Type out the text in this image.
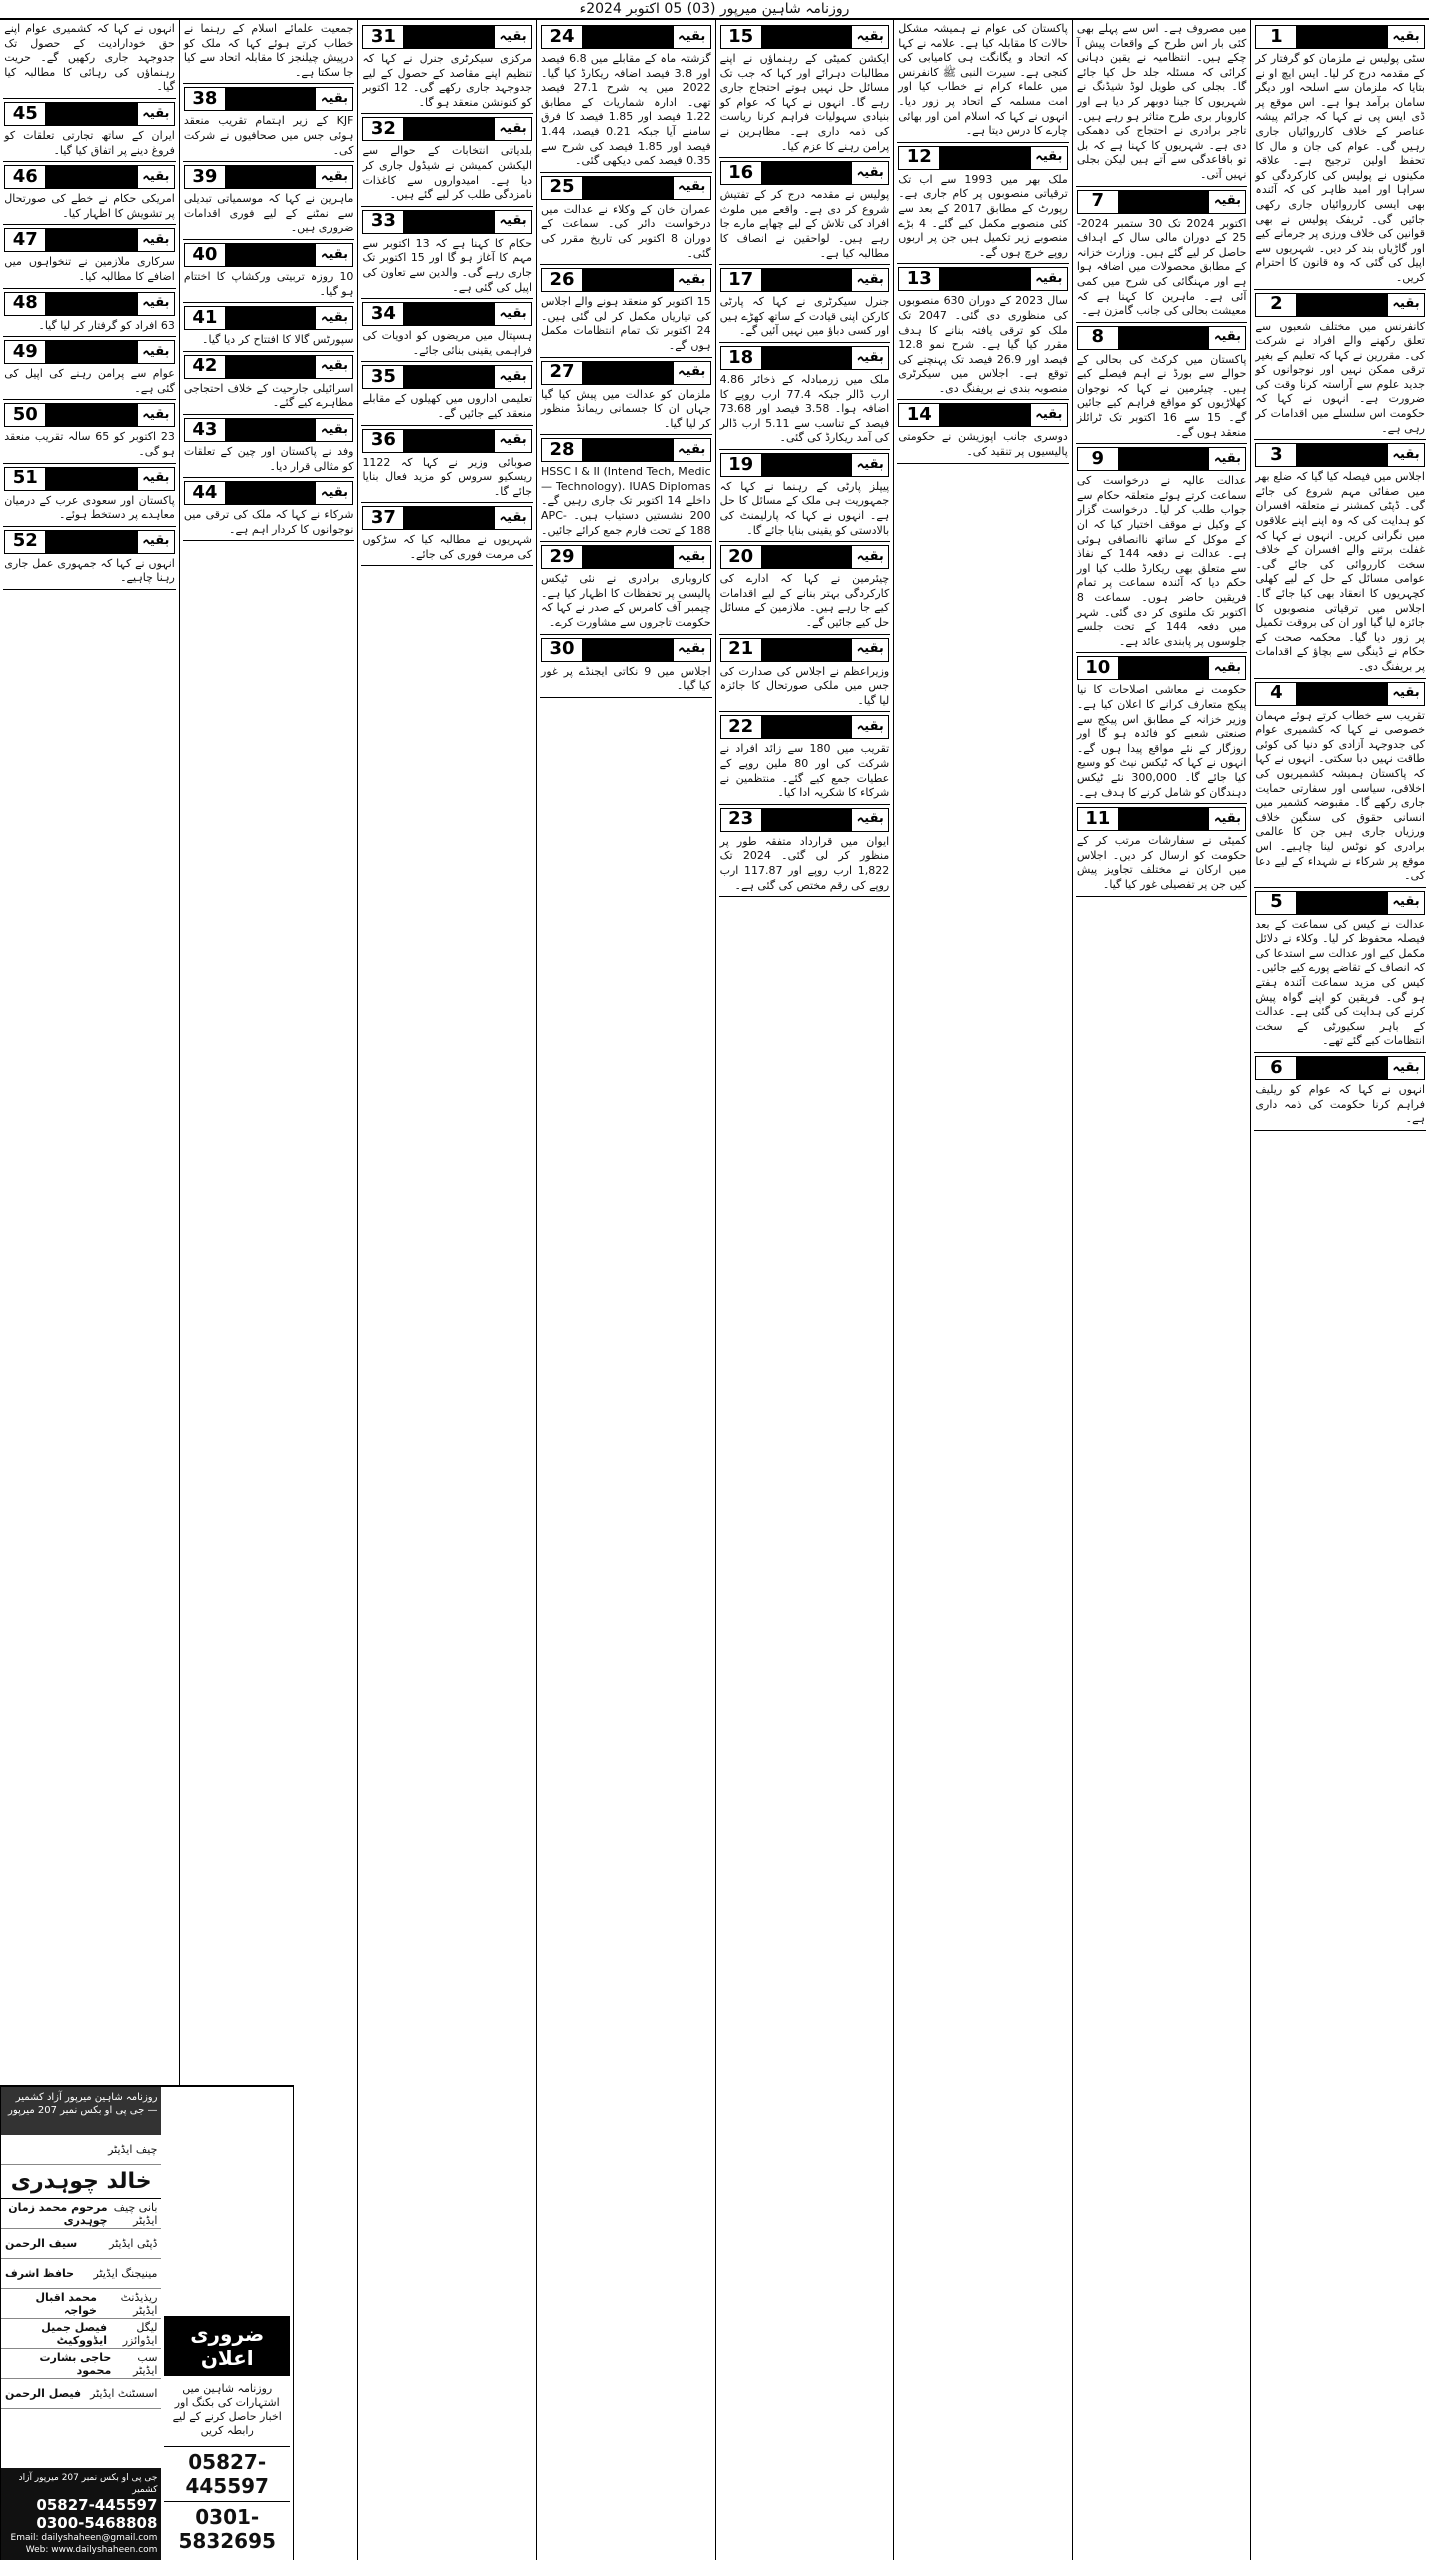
روزنامہ شاہین میرپور (03) 05 اکتوبر 2024ء
1	بقیہ
سٹی پولیس نے ملزمان کو گرفتار کر کے مقدمہ درج کر لیا۔ ایس ایچ او نے بتایا کہ ملزمان سے اسلحہ اور دیگر سامان برآمد ہوا ہے۔ اس موقع پر ڈی ایس پی نے کہا کہ جرائم پیشہ عناصر کے خلاف کارروائیاں جاری رہیں گی۔ عوام کی جان و مال کا تحفظ اولین ترجیح ہے۔ علاقہ مکینوں نے پولیس کی کارکردگی کو سراہا اور امید ظاہر کی کہ آئندہ بھی ایسی کارروائیاں جاری رکھی جائیں گی۔ ٹریفک پولیس نے بھی قوانین کی خلاف ورزی پر جرمانے کیے اور گاڑیاں بند کر دیں۔ شہریوں سے اپیل کی گئی کہ وہ قانون کا احترام کریں۔
2	بقیہ
کانفرنس میں مختلف شعبوں سے تعلق رکھنے والے افراد نے شرکت کی۔ مقررین نے کہا کہ تعلیم کے بغیر ترقی ممکن نہیں اور نوجوانوں کو جدید علوم سے آراستہ کرنا وقت کی ضرورت ہے۔ انہوں نے کہا کہ حکومت اس سلسلے میں اقدامات کر رہی ہے۔
3	بقیہ
اجلاس میں فیصلہ کیا گیا کہ ضلع بھر میں صفائی مہم شروع کی جائے گی۔ ڈپٹی کمشنر نے متعلقہ افسران کو ہدایت کی کہ وہ اپنے اپنے علاقوں میں نگرانی کریں۔ انہوں نے کہا کہ غفلت برتنے والے افسران کے خلاف سخت کارروائی کی جائے گی۔ عوامی مسائل کے حل کے لیے کھلی کچہریوں کا انعقاد بھی کیا جائے گا۔ اجلاس میں ترقیاتی منصوبوں کا جائزہ لیا گیا اور ان کی بروقت تکمیل پر زور دیا گیا۔ محکمہ صحت کے حکام نے ڈینگی سے بچاؤ کے اقدامات پر بریفنگ دی۔
4	بقیہ
تقریب سے خطاب کرتے ہوئے مہمان خصوصی نے کہا کہ کشمیری عوام کی جدوجہد آزادی کو دنیا کی کوئی طاقت نہیں دبا سکتی۔ انہوں نے کہا کہ پاکستان ہمیشہ کشمیریوں کی اخلاقی، سیاسی اور سفارتی حمایت جاری رکھے گا۔ مقبوضہ کشمیر میں انسانی حقوق کی سنگین خلاف ورزیاں جاری ہیں جن کا عالمی برادری کو نوٹس لینا چاہیے۔ اس موقع پر شرکاء نے شہداء کے لیے دعا کی۔
5	بقیہ
عدالت نے کیس کی سماعت کے بعد فیصلہ محفوظ کر لیا۔ وکلاء نے دلائل مکمل کیے اور عدالت سے استدعا کی کہ انصاف کے تقاضے پورے کیے جائیں۔ کیس کی مزید سماعت آئندہ ہفتے ہو گی۔ فریقین کو اپنے گواہ پیش کرنے کی ہدایت کی گئی ہے۔ عدالت کے باہر سکیورٹی کے سخت انتظامات کیے گئے تھے۔
6	بقیہ
انہوں نے کہا کہ عوام کو ریلیف فراہم کرنا حکومت کی ذمہ داری ہے۔
میں مصروف ہے۔ اس سے پہلے بھی کئی بار اس طرح کے واقعات پیش آ چکے ہیں۔ انتظامیہ نے یقین دہانی کرائی کہ مسئلہ جلد حل کیا جائے گا۔ بجلی کی طویل لوڈ شیڈنگ نے شہریوں کا جینا دوبھر کر دیا ہے اور کاروبار بری طرح متاثر ہو رہے ہیں۔ تاجر برادری نے احتجاج کی دھمکی دی ہے۔ شہریوں کا کہنا ہے کہ بل تو باقاعدگی سے آتے ہیں لیکن بجلی نہیں آتی۔
7	بقیہ
اکتوبر 2024 تک 30 ستمبر 2024-25 کے دوران مالی سال کے اہداف حاصل کر لیے گئے ہیں۔ وزارت خزانہ کے مطابق محصولات میں اضافہ ہوا ہے اور مہنگائی کی شرح میں کمی آئی ہے۔ ماہرین کا کہنا ہے کہ معیشت بحالی کی جانب گامزن ہے۔
8	بقیہ
پاکستان میں کرکٹ کی بحالی کے حوالے سے بورڈ نے اہم فیصلے کیے ہیں۔ چیئرمین نے کہا کہ نوجوان کھلاڑیوں کو مواقع فراہم کیے جائیں گے۔ 15 سے 16 اکتوبر تک ٹرائلز منعقد ہوں گے۔
9	بقیہ
عدالت عالیہ نے درخواست کی سماعت کرتے ہوئے متعلقہ حکام سے جواب طلب کر لیا۔ درخواست گزار کے وکیل نے موقف اختیار کیا کہ ان کے موکل کے ساتھ ناانصافی ہوئی ہے۔ عدالت نے دفعہ 144 کے نفاذ سے متعلق بھی ریکارڈ طلب کیا اور حکم دیا کہ آئندہ سماعت پر تمام فریقین حاضر ہوں۔ سماعت 8 اکتوبر تک ملتوی کر دی گئی۔ شہر میں دفعہ 144 کے تحت جلسے جلوسوں پر پابندی عائد ہے۔
10	بقیہ
حکومت نے معاشی اصلاحات کا نیا پیکج متعارف کرانے کا اعلان کیا ہے۔ وزیر خزانہ کے مطابق اس پیکج سے صنعتی شعبے کو فائدہ ہو گا اور روزگار کے نئے مواقع پیدا ہوں گے۔ انہوں نے کہا کہ ٹیکس نیٹ کو وسیع کیا جائے گا۔ 300,000 نئے ٹیکس دہندگان کو شامل کرنے کا ہدف ہے۔
11	بقیہ
کمیٹی نے سفارشات مرتب کر کے حکومت کو ارسال کر دیں۔ اجلاس میں ارکان نے مختلف تجاویز پیش کیں جن پر تفصیلی غور کیا گیا۔
پاکستان کی عوام نے ہمیشہ مشکل حالات کا مقابلہ کیا ہے۔ علامہ نے کہا کہ اتحاد و یگانگت ہی کامیابی کی کنجی ہے۔ سیرت النبی ﷺ کانفرنس میں علماء کرام نے خطاب کیا اور امت مسلمہ کے اتحاد پر زور دیا۔ انہوں نے کہا کہ اسلام امن اور بھائی چارے کا درس دیتا ہے۔
12	بقیہ
ملک بھر میں 1993 سے اب تک ترقیاتی منصوبوں پر کام جاری ہے۔ رپورٹ کے مطابق 2017 کے بعد سے کئی منصوبے مکمل کیے گئے۔ 4 بڑے منصوبے زیر تکمیل ہیں جن پر اربوں روپے خرچ ہوں گے۔
13	بقیہ
سال 2023 کے دوران 630 منصوبوں کی منظوری دی گئی۔ 2047 تک ملک کو ترقی یافتہ بنانے کا ہدف مقرر کیا گیا ہے۔ شرح نمو 12.8 فیصد اور 26.9 فیصد تک پہنچنے کی توقع ہے۔ اجلاس میں سیکرٹری منصوبہ بندی نے بریفنگ دی۔
14	بقیہ
دوسری جانب اپوزیشن نے حکومتی پالیسیوں پر تنقید کی۔
15	بقیہ
ایکشن کمیٹی کے رہنماؤں نے اپنے مطالبات دہرائے اور کہا کہ جب تک مسائل حل نہیں ہوتے احتجاج جاری رہے گا۔ انہوں نے کہا کہ عوام کو بنیادی سہولیات فراہم کرنا ریاست کی ذمہ داری ہے۔ مظاہرین نے پرامن رہنے کا عزم کیا۔
16	بقیہ
پولیس نے مقدمہ درج کر کے تفتیش شروع کر دی ہے۔ واقعے میں ملوث افراد کی تلاش کے لیے چھاپے مارے جا رہے ہیں۔ لواحقین نے انصاف کا مطالبہ کیا ہے۔
17	بقیہ
جنرل سیکرٹری نے کہا کہ پارٹی کارکن اپنی قیادت کے ساتھ کھڑے ہیں اور کسی دباؤ میں نہیں آئیں گے۔
18	بقیہ
ملک میں زرمبادلہ کے ذخائر 4.86 ارب ڈالر جبکہ 77.4 ارب روپے کا اضافہ ہوا۔ 3.58 فیصد اور 73.68 فیصد کے تناسب سے 5.11 ارب ڈالر کی آمد ریکارڈ کی گئی۔
19	بقیہ
پیپلز پارٹی کے رہنما نے کہا کہ جمہوریت ہی ملک کے مسائل کا حل ہے۔ انہوں نے کہا کہ پارلیمنٹ کی بالادستی کو یقینی بنایا جائے گا۔
20	بقیہ
چیئرمین نے کہا کہ ادارے کی کارکردگی بہتر بنانے کے لیے اقدامات کیے جا رہے ہیں۔ ملازمین کے مسائل حل کیے جائیں گے۔
21	بقیہ
وزیراعظم نے اجلاس کی صدارت کی جس میں ملکی صورتحال کا جائزہ لیا گیا۔
22	بقیہ
تقریب میں 180 سے زائد افراد نے شرکت کی اور 80 ملین روپے کے عطیات جمع کیے گئے۔ منتظمین نے شرکاء کا شکریہ ادا کیا۔
23	بقیہ
ایوان میں قرارداد متفقہ طور پر منظور کر لی گئی۔ 2024 تک 1,822 ارب روپے اور 117.87 ارب روپے کی رقم مختص کی گئی ہے۔
24	بقیہ
گزشتہ ماہ کے مقابلے میں 6.8 فیصد اور 3.8 فیصد اضافہ ریکارڈ کیا گیا۔ 2022 میں یہ شرح 27.1 فیصد تھی۔ ادارہ شماریات کے مطابق 1.22 فیصد اور 1.85 فیصد کا فرق سامنے آیا جبکہ 0.21 فیصد، 1.44 فیصد اور 1.85 فیصد کی شرح سے 0.35 فیصد کمی دیکھی گئی۔
25	بقیہ
عمران خان کے وکلاء نے عدالت میں درخواست دائر کی۔ سماعت کے دوران 8 اکتوبر کی تاریخ مقرر کی گئی۔
26	بقیہ
15 اکتوبر کو منعقد ہونے والے اجلاس کی تیاریاں مکمل کر لی گئی ہیں۔ 24 اکتوبر تک تمام انتظامات مکمل ہوں گے۔
27	بقیہ
ملزمان کو عدالت میں پیش کیا گیا جہاں ان کا جسمانی ریمانڈ منظور کر لیا گیا۔
28	بقیہ
HSSC I & II (Intend Tech, Medic Technology). IUAS Diplomas — داخلے 14 اکتوبر تک جاری رہیں گے۔ 200 نشستیں دستیاب ہیں۔ APC-188 کے تحت فارم جمع کرائے جائیں۔
29	بقیہ
کاروباری برادری نے نئی ٹیکس پالیسی پر تحفظات کا اظہار کیا ہے۔ چیمبر آف کامرس کے صدر نے کہا کہ حکومت تاجروں سے مشاورت کرے۔
30	بقیہ
اجلاس میں 9 نکاتی ایجنڈے پر غور کیا گیا۔
31	بقیہ
مرکزی سیکرٹری جنرل نے کہا کہ تنظیم اپنے مقاصد کے حصول کے لیے جدوجہد جاری رکھے گی۔ 12 اکتوبر کو کنونشن منعقد ہو گا۔
32	بقیہ
بلدیاتی انتخابات کے حوالے سے الیکشن کمیشن نے شیڈول جاری کر دیا ہے۔ امیدواروں سے کاغذات نامزدگی طلب کر لیے گئے ہیں۔
33	بقیہ
حکام کا کہنا ہے کہ 13 اکتوبر سے مہم کا آغاز ہو گا اور 15 اکتوبر تک جاری رہے گی۔ والدین سے تعاون کی اپیل کی گئی ہے۔
34	بقیہ
ہسپتال میں مریضوں کو ادویات کی فراہمی یقینی بنائی جائے۔
35	بقیہ
تعلیمی اداروں میں کھیلوں کے مقابلے منعقد کیے جائیں گے۔
36	بقیہ
صوبائی وزیر نے کہا کہ 1122 ریسکیو سروس کو مزید فعال بنایا جائے گا۔
37	بقیہ
شہریوں نے مطالبہ کیا کہ سڑکوں کی مرمت فوری کی جائے۔
جمعیت علمائے اسلام کے رہنما نے خطاب کرتے ہوئے کہا کہ ملک کو درپیش چیلنجز کا مقابلہ اتحاد سے کیا جا سکتا ہے۔
38	بقیہ
KJF کے زیر اہتمام تقریب منعقد ہوئی جس میں صحافیوں نے شرکت کی۔
39	بقیہ
ماہرین نے کہا کہ موسمیاتی تبدیلی سے نمٹنے کے لیے فوری اقدامات ضروری ہیں۔
40	بقیہ
10 روزہ تربیتی ورکشاپ کا اختتام ہو گیا۔
41	بقیہ
سپورٹس گالا کا افتتاح کر دیا گیا۔
42	بقیہ
اسرائیلی جارحیت کے خلاف احتجاجی مظاہرے کیے گئے۔
43	بقیہ
وفد نے پاکستان اور چین کے تعلقات کو مثالی قرار دیا۔
44	بقیہ
شرکاء نے کہا کہ ملک کی ترقی میں نوجوانوں کا کردار اہم ہے۔
انہوں نے کہا کہ کشمیری عوام اپنے حق خودارادیت کے حصول تک جدوجہد جاری رکھیں گے۔ حریت رہنماؤں کی رہائی کا مطالبہ کیا گیا۔
45	بقیہ
ایران کے ساتھ تجارتی تعلقات کو فروغ دینے پر اتفاق کیا گیا۔
46	بقیہ
امریکی حکام نے خطے کی صورتحال پر تشویش کا اظہار کیا۔
47	بقیہ
سرکاری ملازمین نے تنخواہوں میں اضافے کا مطالبہ کیا۔
48	بقیہ
63 افراد کو گرفتار کر لیا گیا۔
49	بقیہ
عوام سے پرامن رہنے کی اپیل کی گئی ہے۔
50	بقیہ
23 اکتوبر کو 65 سالہ تقریب منعقد ہو گی۔
51	بقیہ
پاکستان اور سعودی عرب کے درمیان معاہدے پر دستخط ہوئے۔
52	بقیہ
انہوں نے کہا کہ جمہوری عمل جاری رہنا چاہیے۔
روزنامہ شاہین میرپور آزاد کشمیر — جی پی او بکس نمبر 207 میرپور
چیف ایڈیٹر
خالد چوہدری
بانی چیف ایڈیٹر
مرحوم محمد زمان چوہدری
ڈپٹی ایڈیٹر
سیف الرحمن
مینیجنگ ایڈیٹر
حافظ اشرف
ریذیڈنٹ ایڈیٹر
محمد اقبال خواجہ
لیگل ایڈوائزر
فیصل جمیل ایڈووکیٹ
سب ایڈیٹر
حاجی بشارت محمود
اسسٹنٹ ایڈیٹر
فیصل الرحمن
جی پی او بکس نمبر 207 میرپور آزاد کشمیر
05827-445597
0300-5468808
Email: dailyshaheen@gmail.com
Web: www.dailyshaheen.com
ضروری اعلان
روزنامہ شاہین میں اشتہارات کی بکنگ اور اخبار حاصل کرنے کے لیے رابطہ کریں
05827-445597
0301-5832695
